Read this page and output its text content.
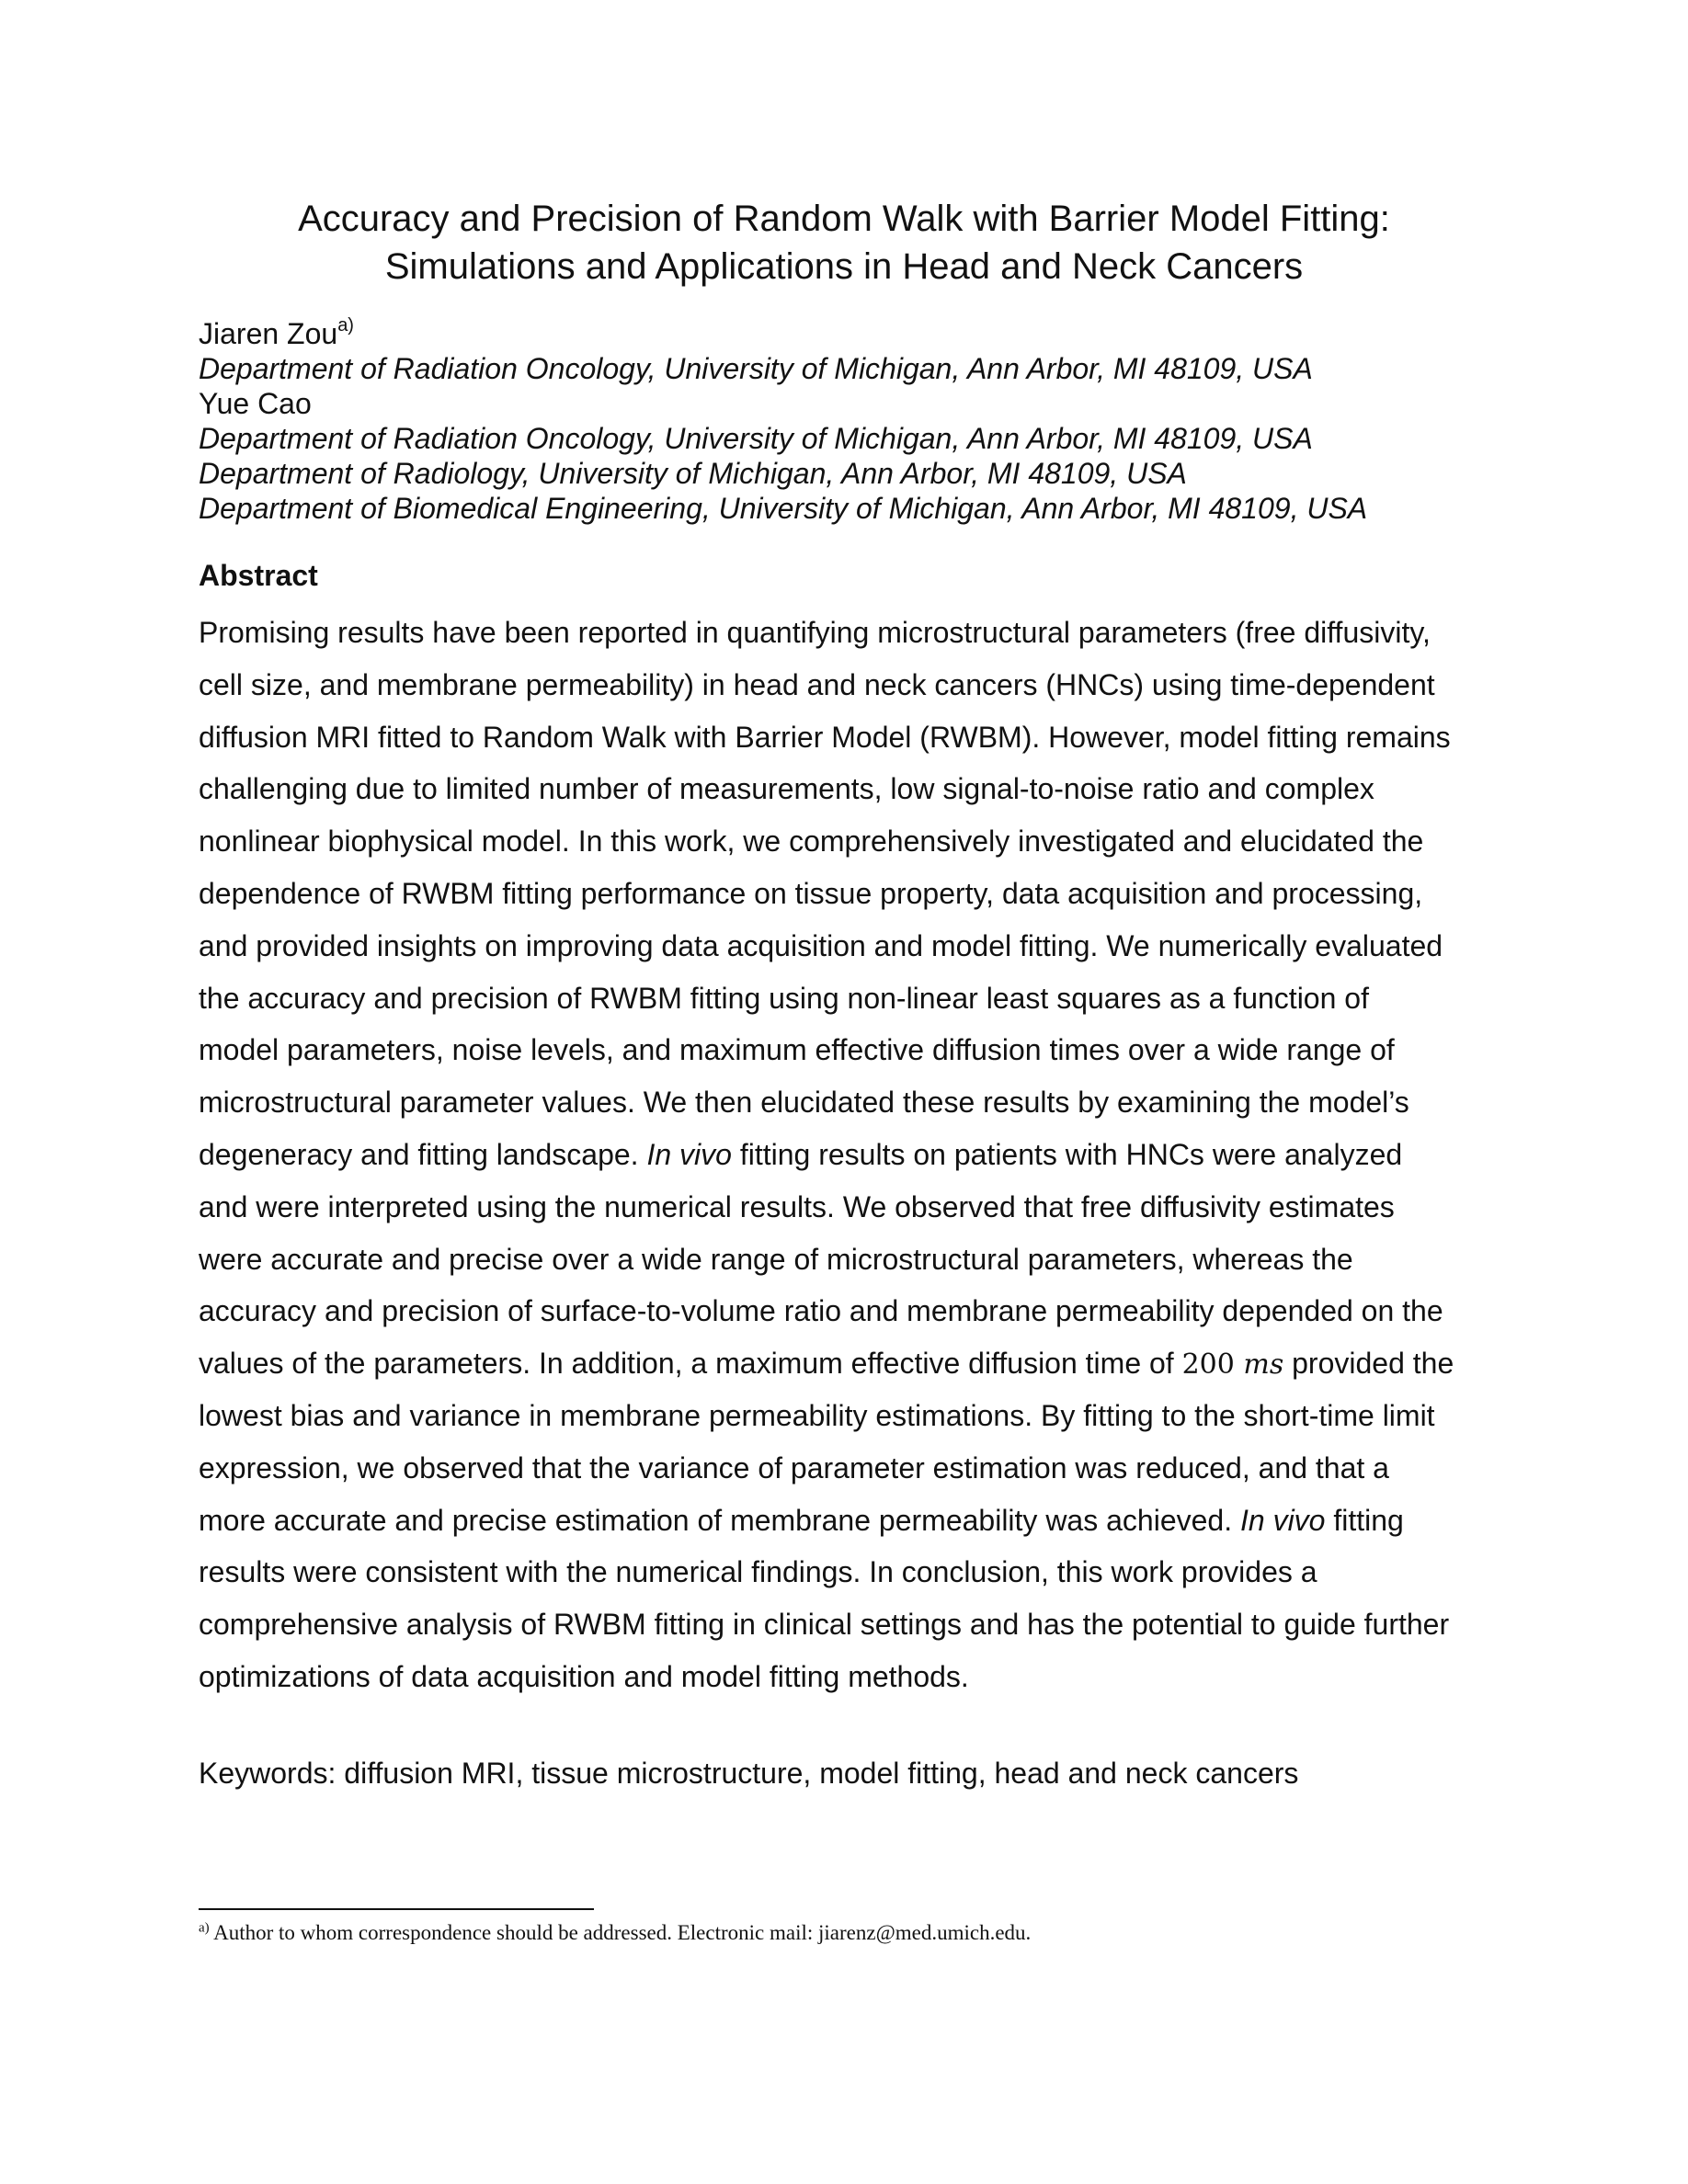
Accuracy and Precision of Random Walk with Barrier Model Fitting:
Simulations and Applications in Head and Neck Cancers
Jiaren Zou$^{a)}$
Department of Radiation Oncology, University of Michigan, Ann Arbor, MI 48109, USA
Yue Cao
Department of Radiation Oncology, University of Michigan, Ann Arbor, MI 48109, USA
Department of Radiology, University of Michigan, Ann Arbor, MI 48109, USA
Department of Biomedical Engineering, University of Michigan, Ann Arbor, MI 48109, USA
Abstract
Promising results have been reported in quantifying microstructural parameters (free diffusivity,
cell size, and membrane permeability) in head and neck cancers (HNCs) using time-dependent
diffusion MRI fitted to Random Walk with Barrier Model (RWBM). However, model fitting remains
challenging due to limited number of measurements, low signal-to-noise ratio and complex
nonlinear biophysical model. In this work, we comprehensively investigated and elucidated the
dependence of RWBM fitting performance on tissue property, data acquisition and processing,
and provided insights on improving data acquisition and model fitting. We numerically evaluated
the accuracy and precision of RWBM fitting using non-linear least squares as a function of
model parameters, noise levels, and maximum effective diffusion times over a wide range of
microstructural parameter values. We then elucidated these results by examining the model’s
degeneracy and fitting landscape. In vivo fitting results on patients with HNCs were analyzed
and were interpreted using the numerical results. We observed that free diffusivity estimates
were accurate and precise over a wide range of microstructural parameters, whereas the
accuracy and precision of surface-to-volume ratio and membrane permeability depended on the
values of the parameters. In addition, a maximum effective diffusion time of 200 ms provided the
lowest bias and variance in membrane permeability estimations. By fitting to the short-time limit
expression, we observed that the variance of parameter estimation was reduced, and that a
more accurate and precise estimation of membrane permeability was achieved. In vivo fitting
results were consistent with the numerical findings. In conclusion, this work provides a
comprehensive analysis of RWBM fitting in clinical settings and has the potential to guide further
optimizations of data acquisition and model fitting methods.
Keywords: diffusion MRI, tissue microstructure, model fitting, head and neck cancers
$^{a)}$ Author to whom correspondence should be addressed. Electronic mail: jiarenz@med.umich.edu.
